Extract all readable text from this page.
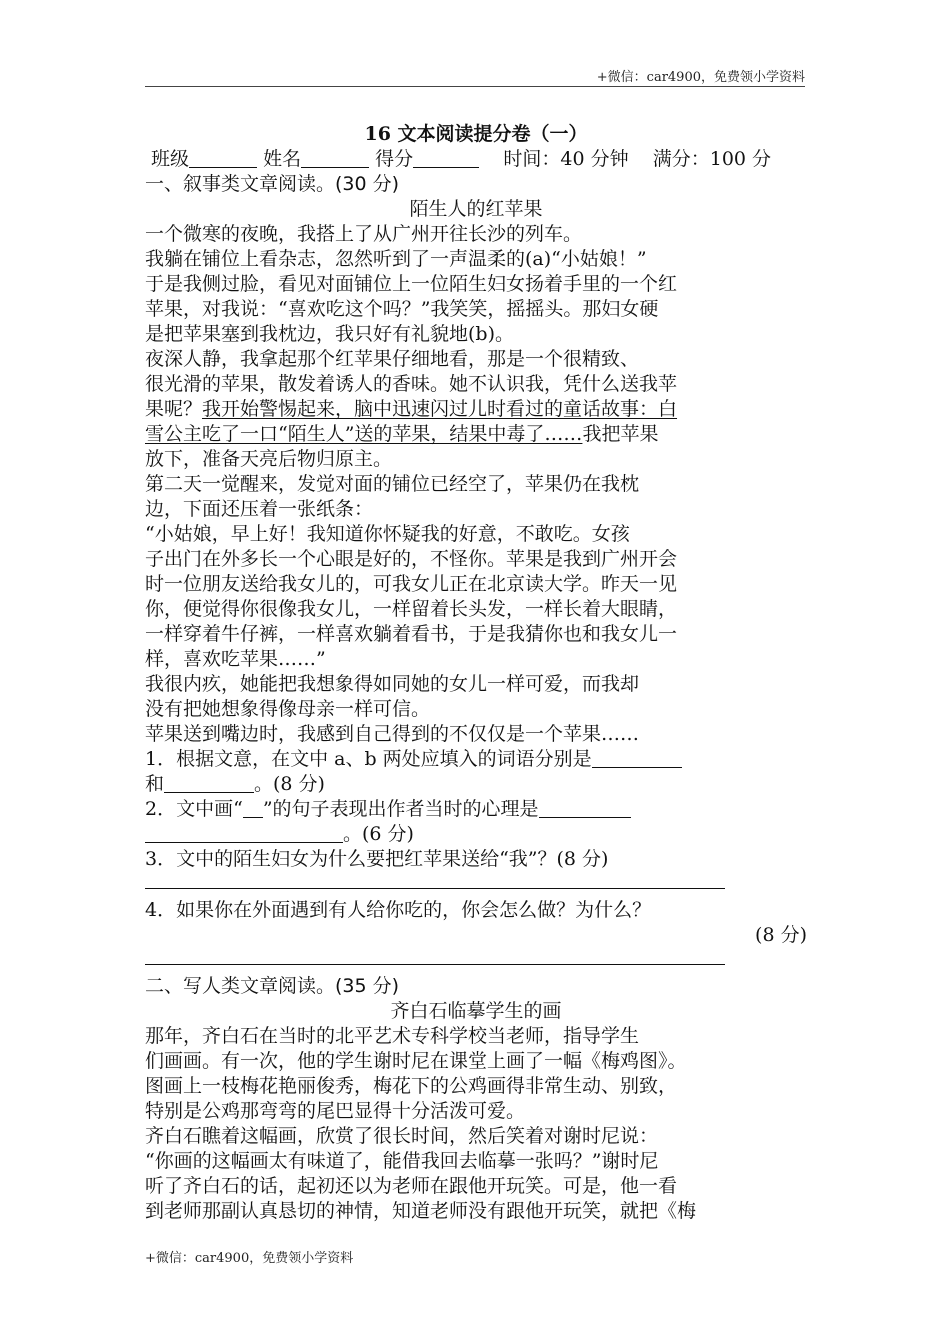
+微信：car4900，免费领小学资料
16 文本阅读提分卷（一）
班级	姓名	得分	时间：40 分钟 满分：100 分
一、叙事类文章阅读。(30 分)
陌生人的红苹果
一个微寒的夜晚，我搭上了从广州开往长沙的列车。
我躺在铺位上看杂志，忽然听到了一声温柔的(a)“小姑娘！”
于是我侧过脸，看见对面铺位上一位陌生妇女扬着手里的一个红
苹果，对我说：“喜欢吃这个吗？”我笑笑，摇摇头。那妇女硬
是把苹果塞到我枕边，我只好有礼貌地(b)。
夜深人静，我拿起那个红苹果仔细地看，那是一个很精致、
很光滑的苹果，散发着诱人的香味。她不认识我，凭什么送我苹
果呢？我开始警惕起来，脑中迅速闪过儿时看过的童话故事：白
雪公主吃了一口“陌生人”送的苹果，结果中毒了……我把苹果
放下，准备天亮后物归原主。
第二天一觉醒来，发觉对面的铺位已经空了，苹果仍在我枕
边，下面还压着一张纸条：
“小姑娘，早上好！我知道你怀疑我的好意，不敢吃。女孩
子出门在外多长一个心眼是好的，不怪你。苹果是我到广州开会
时一位朋友送给我女儿的，可我女儿正在北京读大学。昨天一见
你，便觉得你很像我女儿，一样留着长头发，一样长着大眼睛，
一样穿着牛仔裤，一样喜欢躺着看书，于是我猜你也和我女儿一
样，喜欢吃苹果……”
我很内疚，她能把我想象得如同她的女儿一样可爱，而我却
没有把她想象得像母亲一样可信。
苹果送到嘴边时，我感到自己得到的不仅仅是一个苹果……
1．根据文意，在文中 a、b 两处应填入的词语分别是
和	。(8 分)
2．文中画“ ”的句子表现出作者当时的心理是
。(6 分)
3．文中的陌生妇女为什么要把红苹果送给“我”？(8 分)
4．如果你在外面遇到有人给你吃的，你会怎么做？为什么？
(8 分)
二、写人类文章阅读。(35 分)
齐白石临摹学生的画
那年，齐白石在当时的北平艺术专科学校当老师，指导学生
们画画。有一次，他的学生谢时尼在课堂上画了一幅《梅鸡图》。
图画上一枝梅花艳丽俊秀，梅花下的公鸡画得非常生动、别致，
特别是公鸡那弯弯的尾巴显得十分活泼可爱。
齐白石瞧着这幅画，欣赏了很长时间，然后笑着对谢时尼说：
“你画的这幅画太有味道了，能借我回去临摹一张吗？”谢时尼
听了齐白石的话，起初还以为老师在跟他开玩笑。可是，他一看
到老师那副认真恳切的神情，知道老师没有跟他开玩笑，就把《梅
+微信：car4900，免费领小学资料
